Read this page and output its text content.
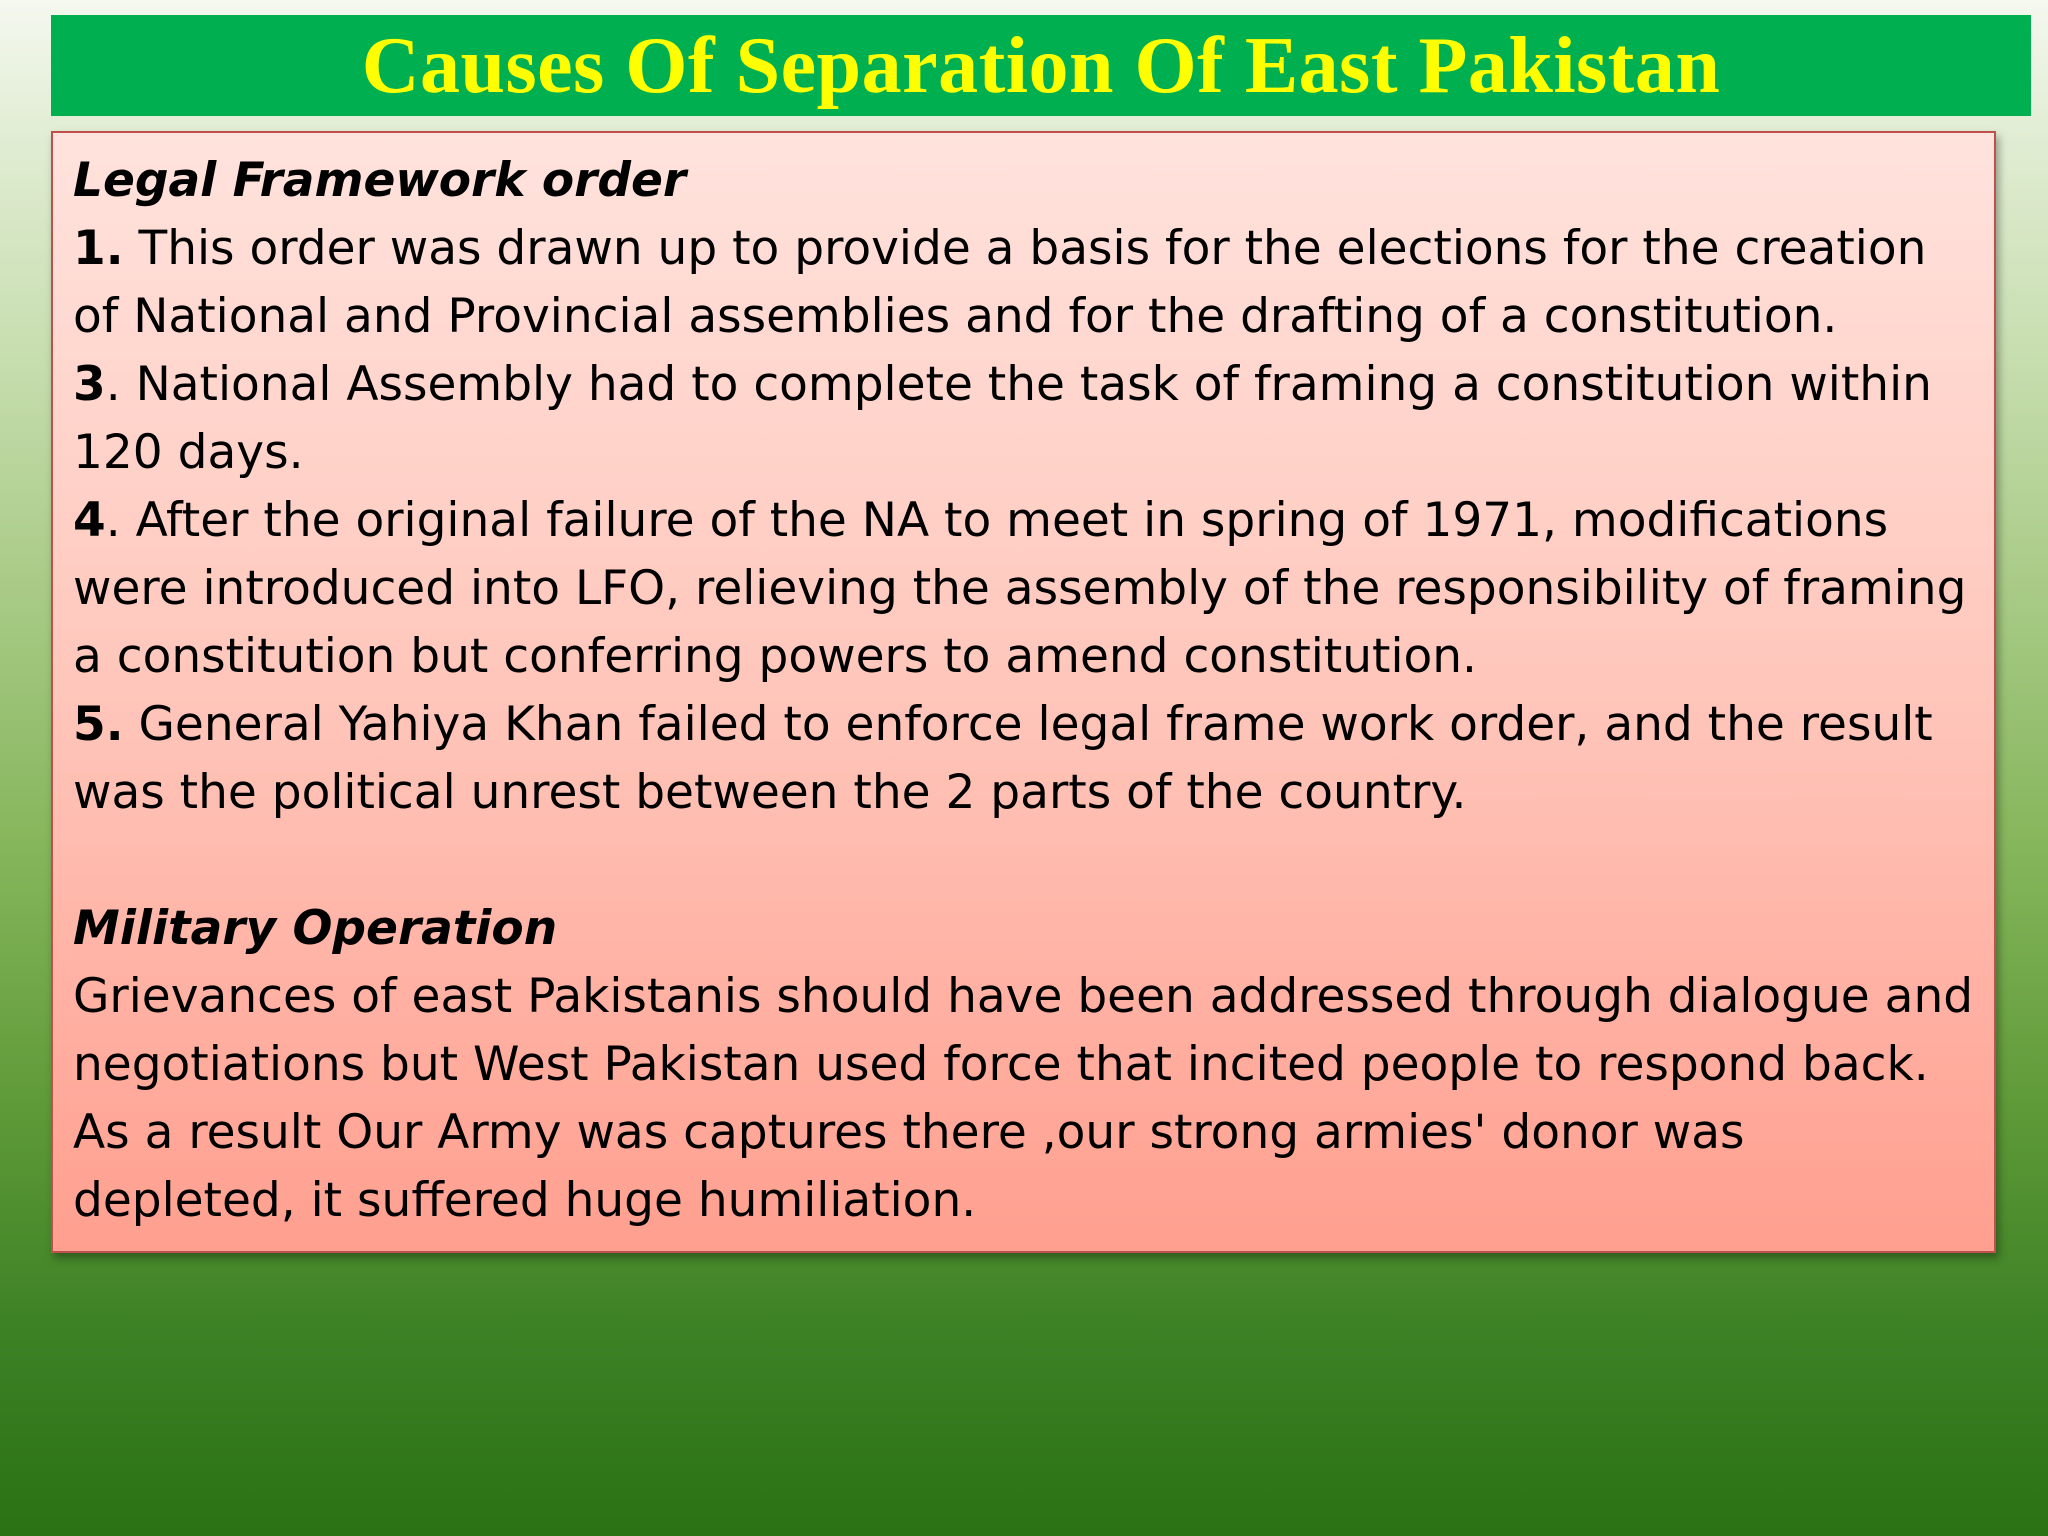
Causes Of Separation Of East Pakistan
Legal Framework order
1. This order was drawn up to provide a basis for the elections for the creation of National and Provincial assemblies and for the drafting of a constitution.
3. National Assembly had to complete the task of framing a constitution within 120 days.
4. After the original failure of the NA to meet in spring of 1971, modifications were introduced into LFO, relieving the assembly of the responsibility of framing a constitution but conferring powers to amend constitution.
5. General Yahiya Khan failed to enforce legal frame work order, and the result was the political unrest between the 2 parts of the country.
Military Operation
Grievances of east Pakistanis should have been addressed through dialogue and negotiations but West Pakistan used force that incited people to respond back. As a result Our Army was captures there ,our strong armies' donor was depleted, it suffered huge humiliation.
